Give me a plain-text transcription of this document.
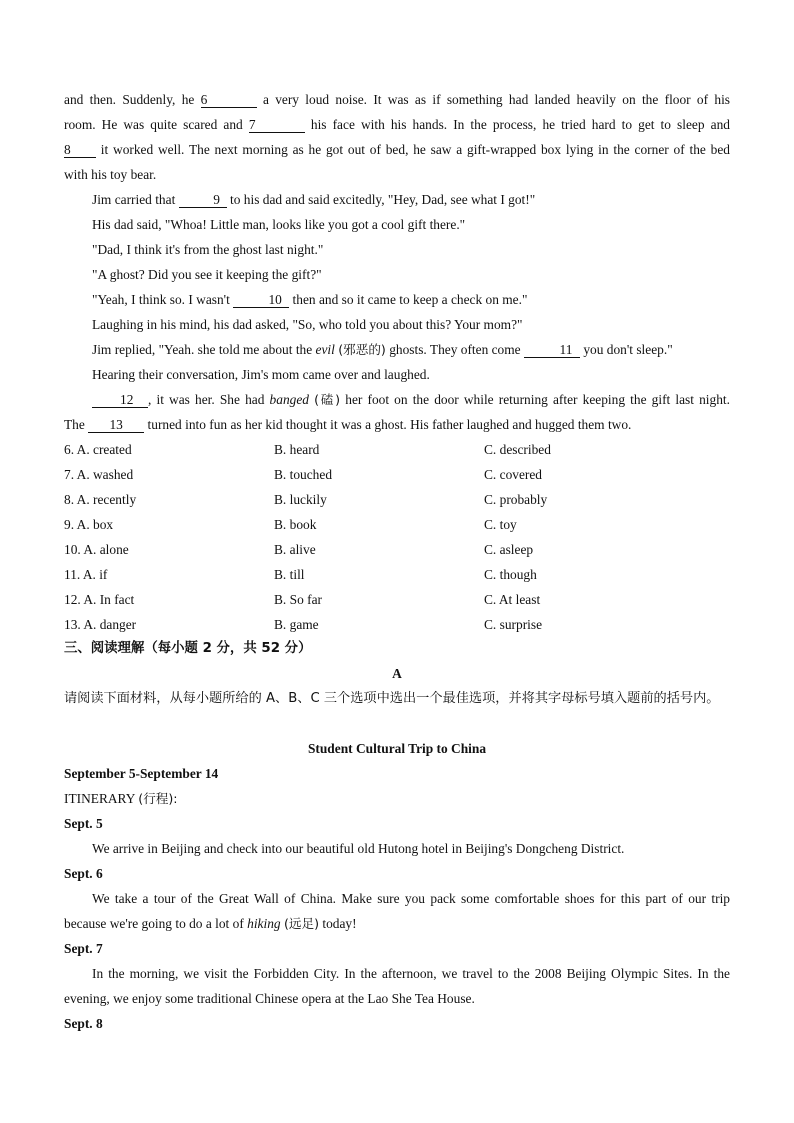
and then. Suddenly, he 6	a very loud noise. It was as if something had landed heavily on the floor of his

room. He was quite scared and 7	his face with his hands. In the process, he tried hard to get to sleep and

8 it worked well. The next morning as he got out of bed, he saw a gift-wrapped box lying in the corner of the bed

with his toy bear.

Jim carried that	9 to his dad and said excitedly, "Hey, Dad, see what I got!"

His dad said, "Whoa! Little man, looks like you got a cool gift there."

"Dad, I think it's from the ghost last night."

"A ghost? Did you see it keeping the gift?"

"Yeah, I think so. I wasn't	10 then and so it came to keep a check on me."

Laughing in his mind, his dad asked, "So, who told you about this? Your mom?"

Jim replied, "Yeah. she told me about the evil (邪恶的) ghosts. They often come	11 you don't sleep."

Hearing their conversation, Jim's mom came over and laughed.

12 , it was her. She had banged (磕) her foot on the door while returning after keeping the gift last night.

The 13 turned into fun as her kid thought it was a ghost. His father laughed and hugged them two.

6. A. created	B. heard	C. described
7. A. washed	B. touched	C. covered
8. A. recently	B. luckily	C. probably
9. A. box	B. book	C. toy
10. A. alone	B. alive	C. asleep
11. A. if	B. till	C. though
12. A. In fact	B. So far	C. At least
13. A. danger	B. game	C. surprise
三、阅读理解（每小题 2 分，共 52 分）
A
请阅读下面材料，从每小题所给的 A、B、C 三个选项中选出一个最佳选项，并将其字母标号填入题前的括号内。
Student Cultural Trip to China
September 5-September 14
ITINERARY (行程):
Sept. 5

We arrive in Beijing and check into our beautiful old Hutong hotel in Beijing's Dongcheng District.

Sept. 6

We take a tour of the Great Wall of China. Make sure you pack some comfortable shoes for this part of our trip

because we're going to do a lot of hiking (远足) today!

Sept. 7

In the morning, we visit the Forbidden City. In the afternoon, we travel to the 2008 Beijing Olympic Sites. In the

evening, we enjoy some traditional Chinese opera at the Lao She Tea House.

Sept. 8
